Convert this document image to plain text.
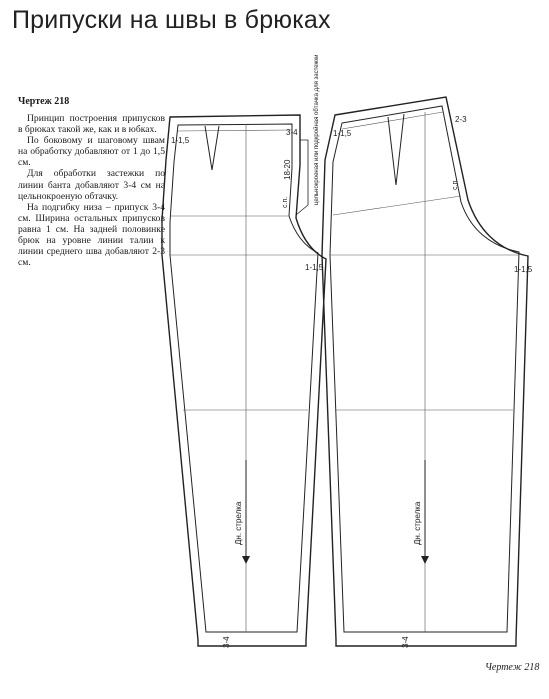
Припуски на швы в брюках
Чертеж 218

Принцип построения припусков в брюках такой же, как и в юбках.

По боковому и шаговому швам на обработку добавляют от 1 до 1,5 см.

Для обработки застежки по линии банта добавляют 3-4 см на цельнокроеную обтачку.

На подгибку низа – припуск 3-4 см. Ширина остальных припусков равна 1 см. На задней половинке брюк на уровне линии талии к линии среднего шва добавляют 2-3 см.

1-1,5
3-4
18-20	цельнокроеная или подкройная обтачка для застежки
с.п.
1-1,5
Дн. стрелка
3-4
1-1,5
2-3
с.п.
1-1,5
Дн. стрелка
3-4
Чертеж 218
